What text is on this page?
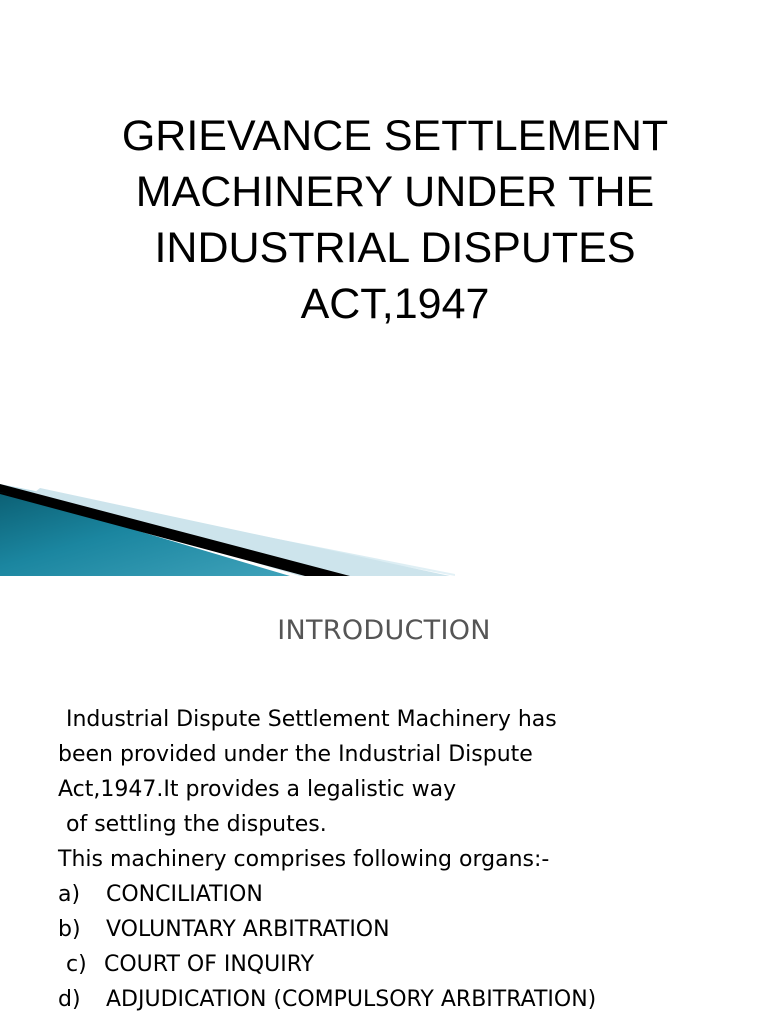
GRIEVANCE SETTLEMENT
MACHINERY UNDER THE
INDUSTRIAL DISPUTES
ACT,1947
INTRODUCTION
Industrial Dispute Settlement Machinery has
been provided under the Industrial Dispute
Act,1947.It provides a legalistic way
of settling the disputes.
This machinery comprises following organs:-
a) CONCILIATION
b) VOLUNTARY ARBITRATION
c) COURT OF INQUIRY
d) ADJUDICATION (COMPULSORY ARBITRATION)
